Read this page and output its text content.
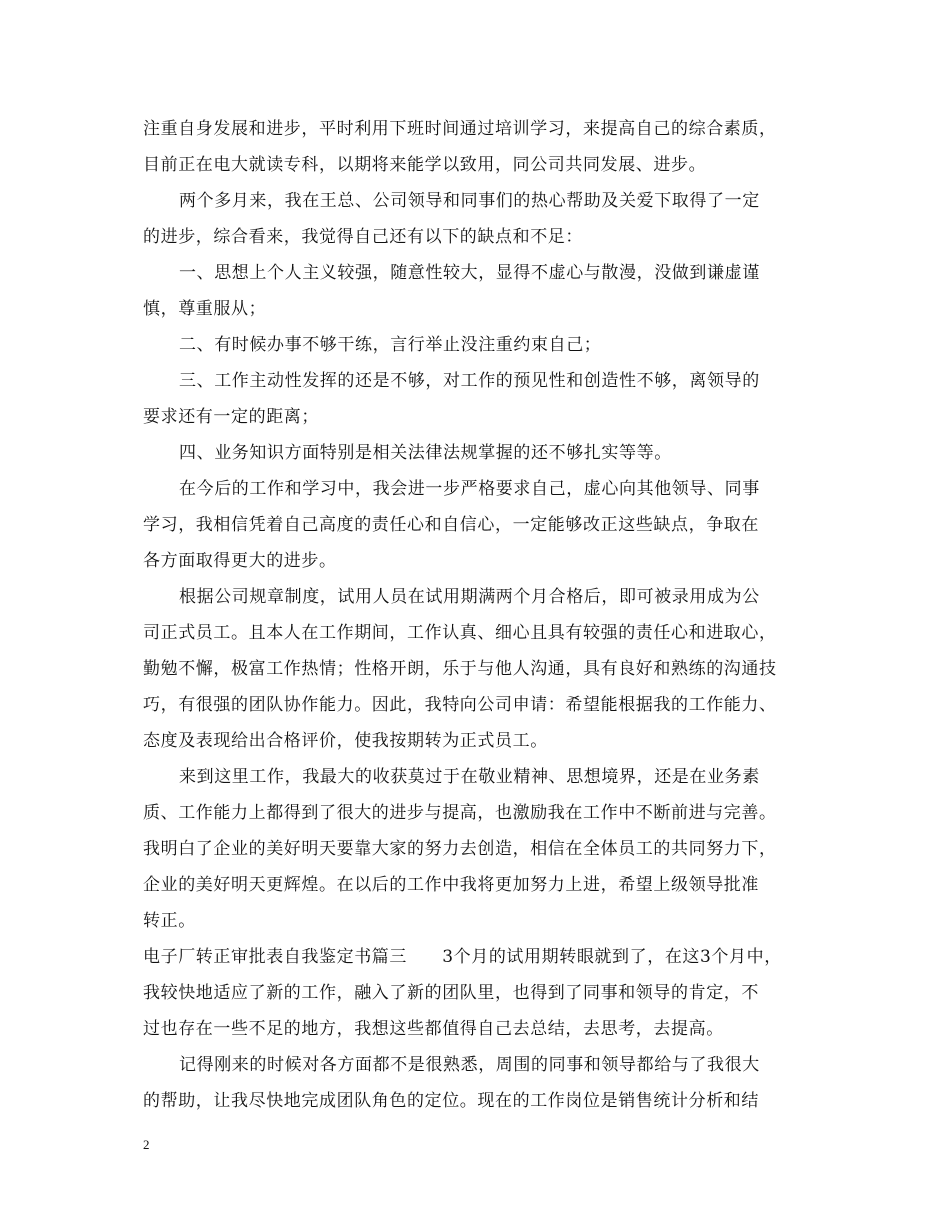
注重自身发展和进步，平时利用下班时间通过培训学习，来提高自己的综合素质，
目前正在电大就读专科，以期将来能学以致用，同公司共同发展、进步。
两个多月来，我在王总、公司领导和同事们的热心帮助及关爱下取得了一定
的进步，综合看来，我觉得自己还有以下的缺点和不足：
一、思想上个人主义较强，随意性较大，显得不虚心与散漫，没做到谦虚谨
慎，尊重服从；
二、有时候办事不够干练，言行举止没注重约束自己；
三、工作主动性发挥的还是不够，对工作的预见性和创造性不够，离领导的
要求还有一定的距离；
四、业务知识方面特别是相关法律法规掌握的还不够扎实等等。
在今后的工作和学习中，我会进一步严格要求自己，虚心向其他领导、同事
学习，我相信凭着自己高度的责任心和自信心，一定能够改正这些缺点，争取在
各方面取得更大的进步。
根据公司规章制度，试用人员在试用期满两个月合格后，即可被录用成为公
司正式员工。且本人在工作期间，工作认真、细心且具有较强的责任心和进取心，
勤勉不懈，极富工作热情；性格开朗，乐于与他人沟通，具有良好和熟练的沟通技
巧，有很强的团队协作能力。因此，我特向公司申请：希望能根据我的工作能力、
态度及表现给出合格评价，使我按期转为正式员工。
来到这里工作，我最大的收获莫过于在敬业精神、思想境界，还是在业务素
质、工作能力上都得到了很大的进步与提高，也激励我在工作中不断前进与完善。
我明白了企业的美好明天要靠大家的努力去创造，相信在全体员工的共同努力下，
企业的美好明天更辉煌。在以后的工作中我将更加努力上进，希望上级领导批准
转正。
电子厂转正审批表自我鉴定书篇三　　3个月的试用期转眼就到了，在这3个月中，
我较快地适应了新的工作，融入了新的团队里，也得到了同事和领导的肯定，不
过也存在一些不足的地方，我想这些都值得自己去总结，去思考，去提高。
记得刚来的时候对各方面都不是很熟悉，周围的同事和领导都给与了我很大
的帮助，让我尽快地完成团队角色的定位。现在的工作岗位是销售统计分析和结
2
